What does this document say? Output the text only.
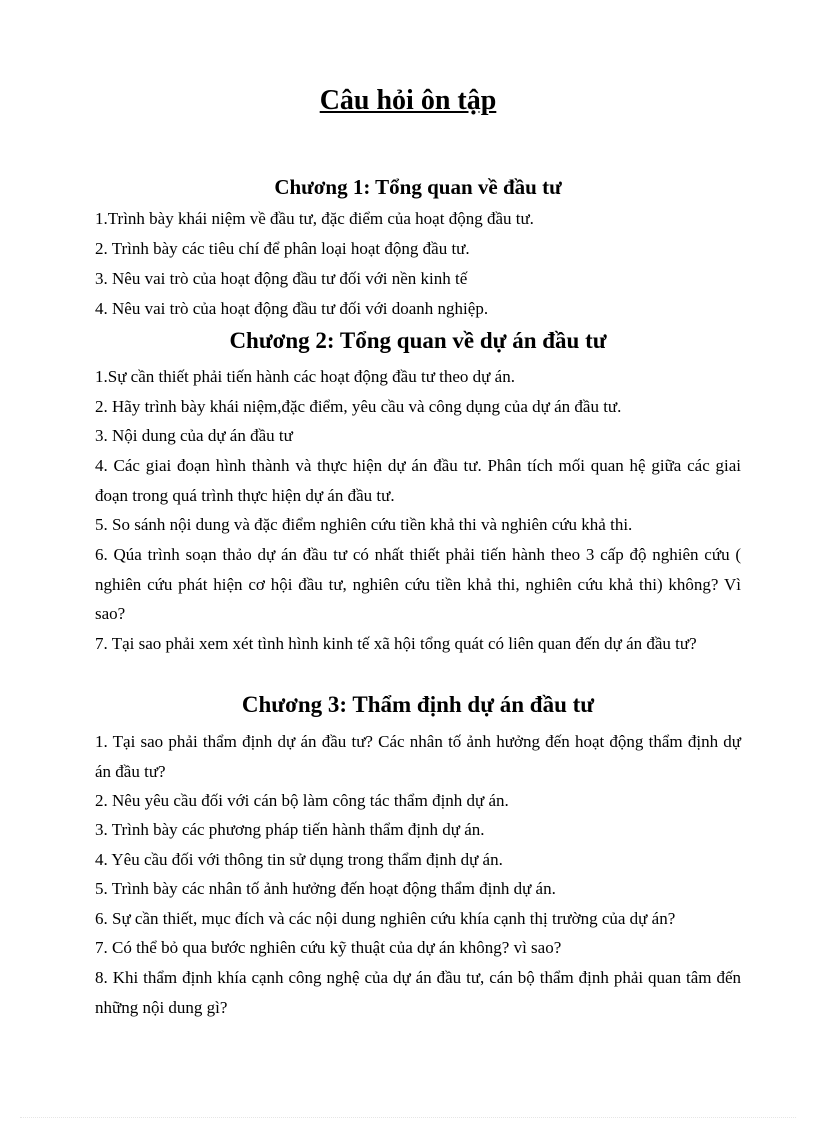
Câu hỏi ôn tập
Chương 1: Tổng quan về đầu tư
1.Trình bày khái niệm về đầu tư, đặc điểm của hoạt động đầu tư.
2. Trình bày các tiêu chí để phân loại hoạt động đầu tư.
3. Nêu vai trò của hoạt động đầu tư đối với nền kinh tế
4. Nêu vai trò của hoạt động đầu tư đối với doanh nghiệp.
Chương 2: Tổng quan về dự án đầu tư
1.Sự cần thiết phải tiến hành các hoạt động đầu tư theo dự án.
2. Hãy trình bày khái niệm,đặc điểm, yêu cầu và công dụng của dự án đầu tư.
3. Nội dung của dự án đầu tư
4. Các giai đoạn hình thành và thực hiện dự án đầu tư. Phân tích mối quan hệ giữa các giai đoạn trong quá trình thực hiện dự án đầu tư.
5. So sánh nội dung và đặc điểm nghiên cứu tiền khả thi và nghiên cứu khả thi.
6. Qúa trình soạn thảo dự án đầu tư có nhất thiết phải tiến hành theo 3 cấp độ nghiên cứu ( nghiên cứu phát hiện cơ hội đầu tư, nghiên cứu tiền khả thi, nghiên cứu khả thi) không? Vì sao?
7. Tại sao phải xem xét tình hình kinh tế xã hội tổng quát có liên quan đến dự án đầu tư?
Chương 3: Thẩm định dự án đầu tư
1. Tại sao phải thẩm định dự án đầu tư? Các nhân tố ảnh hưởng đến hoạt động thẩm định dự án đầu tư?
2. Nêu yêu cầu đối với cán bộ làm công tác thẩm định dự án.
3. Trình bày các phương pháp tiến hành thẩm định dự án.
4. Yêu cầu đối với thông tin sử dụng trong thẩm định dự án.
5. Trình bày các nhân tố ảnh hưởng đến hoạt động thẩm định dự án.
6. Sự cần thiết, mục đích và các nội dung nghiên cứu khía cạnh thị trường của dự án?
7. Có thể bỏ qua bước nghiên cứu kỹ thuật của dự án không? vì sao?
8. Khi thẩm định khía cạnh công nghệ của dự án đầu tư, cán bộ thẩm định phải quan tâm đến những nội dung gì?
